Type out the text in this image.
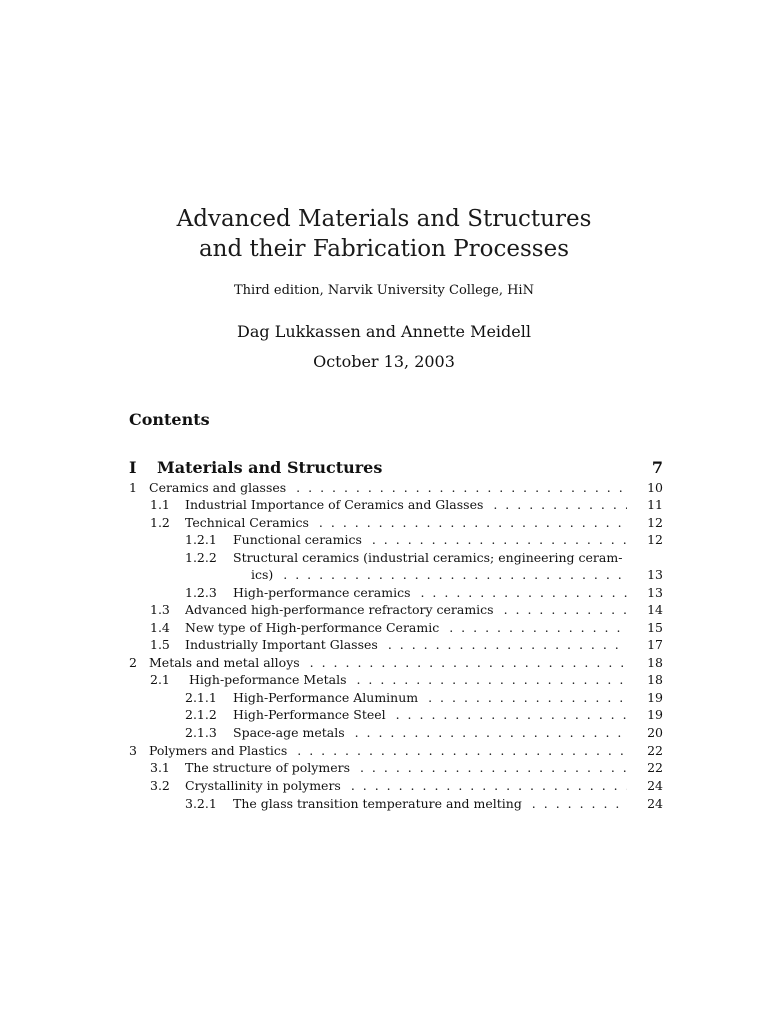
Advanced Materials and Structures
and their Fabrication Processes
Third edition, Narvik University College, HiN
Dag Lukkassen and Annette Meidell
October 13, 2003
Contents
I Materials and Structures	7
1 Ceramics and glasses . . .	10
1.1 Industrial Importance of Ceramics and Glasses . . .	11
1.2 Technical Ceramics . . .	12
1.2.1 Functional ceramics . . .	12
1.2.2 Structural ceramics (industrial ceramics; engineering ceram-
ics) . . .	13
1.2.3 High-performance ceramics . . .	13
1.3 Advanced high-performance refractory ceramics . . .	14
1.4 New type of High-performance Ceramic . . .	15
1.5 Industrially Important Glasses . . .	17
2 Metals and metal alloys . . .	18
2.1 High-peformance Metals . . .	18
2.1.1 High-Performance Aluminum . . .	19
2.1.2 High-Performance Steel . . .	19
2.1.3 Space-age metals . . .	20
3 Polymers and Plastics . . .	22
3.1 The structure of polymers . . .	22
3.2 Crystallinity in polymers . . .	24
3.2.1 The glass transition temperature and melting . . .	24
